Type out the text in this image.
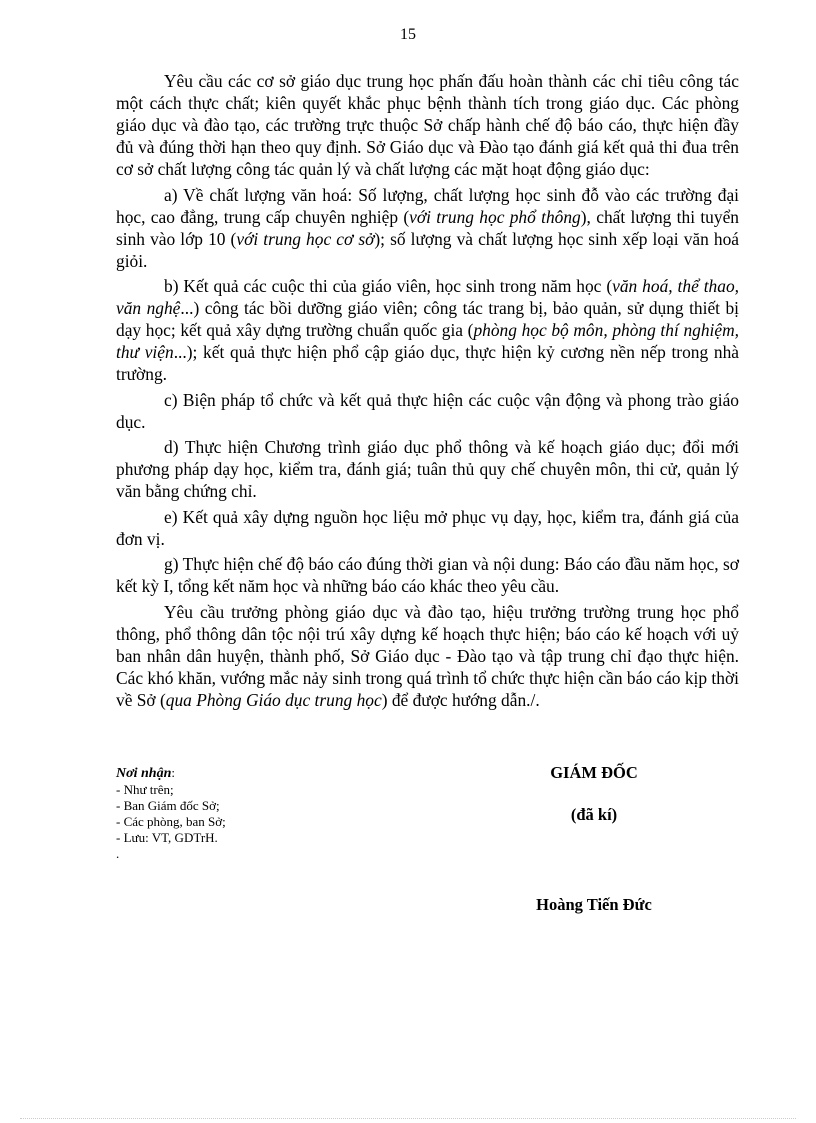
15

Yêu cầu các cơ sở giáo dục trung học phấn đấu hoàn thành các chỉ tiêu công tác một cách thực chất; kiên quyết khắc phục bệnh thành tích trong giáo dục. Các phòng giáo dục và đào tạo, các trường trực thuộc Sở chấp hành chế độ báo cáo, thực hiện đầy đủ và đúng thời hạn theo quy định. Sở Giáo dục và Đào tạo đánh giá kết quả thi đua trên cơ sở chất lượng công tác quản lý và chất lượng các mặt hoạt động giáo dục:

a) Về chất lượng văn hoá: Số lượng, chất lượng học sinh đỗ vào các trường đại học, cao đẳng, trung cấp chuyên nghiệp (với trung học phổ thông), chất lượng thi tuyển sinh vào lớp 10 (với trung học cơ sở); số lượng và chất lượng học sinh xếp loại văn hoá giỏi.

b) Kết quả các cuộc thi của giáo viên, học sinh trong năm học (văn hoá, thể thao, văn nghệ...) công tác bồi dưỡng giáo viên; công tác trang bị, bảo quản, sử dụng thiết bị dạy học; kết quả xây dựng trường chuẩn quốc gia (phòng học bộ môn, phòng thí nghiệm, thư viện...); kết quả thực hiện phổ cập giáo dục, thực hiện kỷ cương nền nếp trong nhà trường.

c) Biện pháp tổ chức và kết quả thực hiện các cuộc vận động và phong trào giáo dục.

d) Thực hiện Chương trình giáo dục phổ thông và kế hoạch giáo dục; đổi mới phương pháp dạy học, kiểm tra, đánh giá; tuân thủ quy chế chuyên môn, thi cử, quản lý văn bằng chứng chỉ.

e) Kết quả xây dựng nguồn học liệu mở phục vụ dạy, học, kiểm tra, đánh giá của đơn vị.

g) Thực hiện chế độ báo cáo đúng thời gian và nội dung: Báo cáo đầu năm học, sơ kết kỳ I, tổng kết năm học và những báo cáo khác theo yêu cầu.

Yêu cầu trưởng phòng giáo dục và đào tạo, hiệu trưởng trường trung học phổ thông, phổ thông dân tộc nội trú xây dựng kế hoạch thực hiện; báo cáo kế hoạch với uỷ ban nhân dân huyện, thành phố, Sở Giáo dục - Đào tạo và tập trung chỉ đạo thực hiện. Các khó khăn, vướng mắc nảy sinh trong quá trình tổ chức thực hiện cần báo cáo kịp thời về Sở (qua Phòng Giáo dục trung học) để được hướng dẫn./.

Nơi nhận:
- Như trên;
- Ban Giám đốc Sở;
- Các phòng, ban Sở;
- Lưu: VT, GDTrH.
.
GIÁM ĐỐC
(đã kí)
Hoàng Tiến Đức
